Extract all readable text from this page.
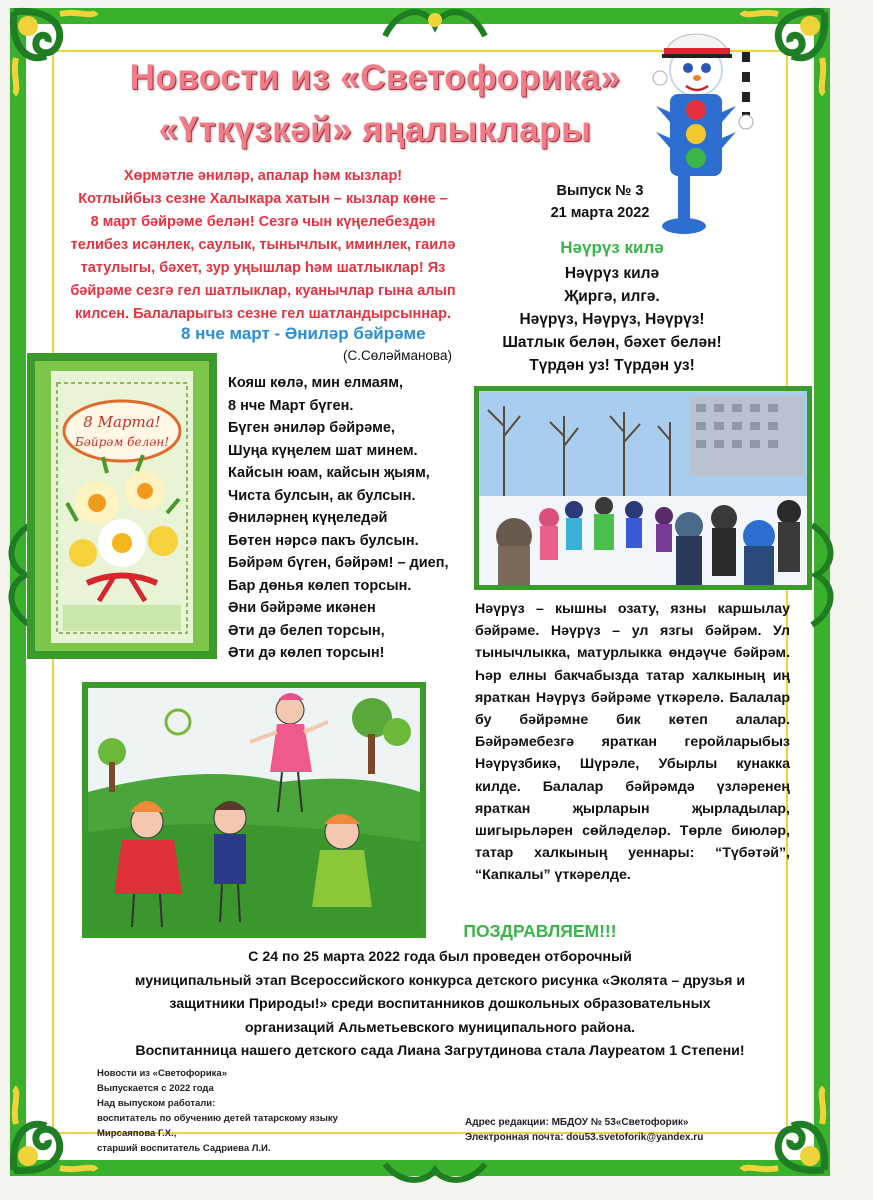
Новости из «Светофорика»
«Үткүзкәй» яңалыклары

Хөрмәтле әниләр, апалар һәм кызлар!

Котлыйбыз сезне Халыкара хатын – кызлар көне –

8 март бәйрәме белән! Сезгә чын күңелебездән

телибез исәнлек, саулык, тынычлык, иминлек, гаилә

татулыгы, бәхет, зур уңышлар һәм шатлыклар! Яз

бәйрәме сезгә гел шатлыклар, куанычлар гына алып

килсен. Балаларыгыз сезне гел шатландырсыннар.

Выпуск № 3
21 марта 2022
8 нче март - Әниләр бәйрәме
(С.Сөләйманова)
8 Марта!
Бәйрәм белән!
Кояш көлә, мин елмаям,
8 нче Март бүген.
Бүген әниләр бәйрәме,
Шуңа күңелем шат минем.
Кайсын юам, кайсын җыям,
Чиста булсын, ак булсын.
Әниләрнең күңеледәй
Бөтен нәрсә пакъ булсын.
Бәйрәм бүген, бәйрәм! – диеп,
Бар дөнья көлеп торсын.
Әни бәйрәме икәнен
Әти дә белеп торсын,
Әти дә көлеп торсын!
Нәүрүз килә
Нәүрүз килә
Җиргә, илгә.
Нәүрүз, Нәүрүз, Нәүрүз!
Шатлык белән, бәхет белән!
Түрдән уз! Түрдән уз!
Нәүрүз – кышны озату, язны каршылау бәйрәме. Нәүрүз – ул язгы бәйрәм. Ул тынычлыкка, матурлыкка өндәүче бәйрәм. Һәр елны бакчабызда татар халкының иң яраткан Нәүрүз бәйрәме үткәрелә. Балалар бу бәйрәмне бик көтеп алалар. Бәйрәмебезгә яраткан геройларыбыз Нәүрүзбикә, Шүрәле, Убырлы кунакка килде. Балалар бәйрәмдә үзләренең яраткан җырларын җырладылар, шигырьләрен сөйләделәр. Төрле биюләр, татар халкының уеннары: “Түбәтәй”, “Капкалы” үткәрелде.
ПОЗДРАВЛЯЕМ!!!
С 24 по 25 марта 2022 года был проведен отборочный
муниципальный этап Всероссийского конкурса детского рисунка «Эколята – друзья и
защитники Природы!» среди воспитанников дошкольных образовательных
организаций Альметьевского муниципального района.
Воспитанница нашего детского сада Лиана Загрутдинова стала Лауреатом 1 Степени!
Новости из «Светофорика»
Выпускается с 2022 года
Над выпуском работали:
воспитатель по обучению детей татарскому языку
Мирсаяпова Г.Х.,
старший воспитатель Садриева Л.И.
Адрес редакции: МБДОУ № 53«Светофорик»
Электронная почта: dou53.svetoforik@yandex.ru
